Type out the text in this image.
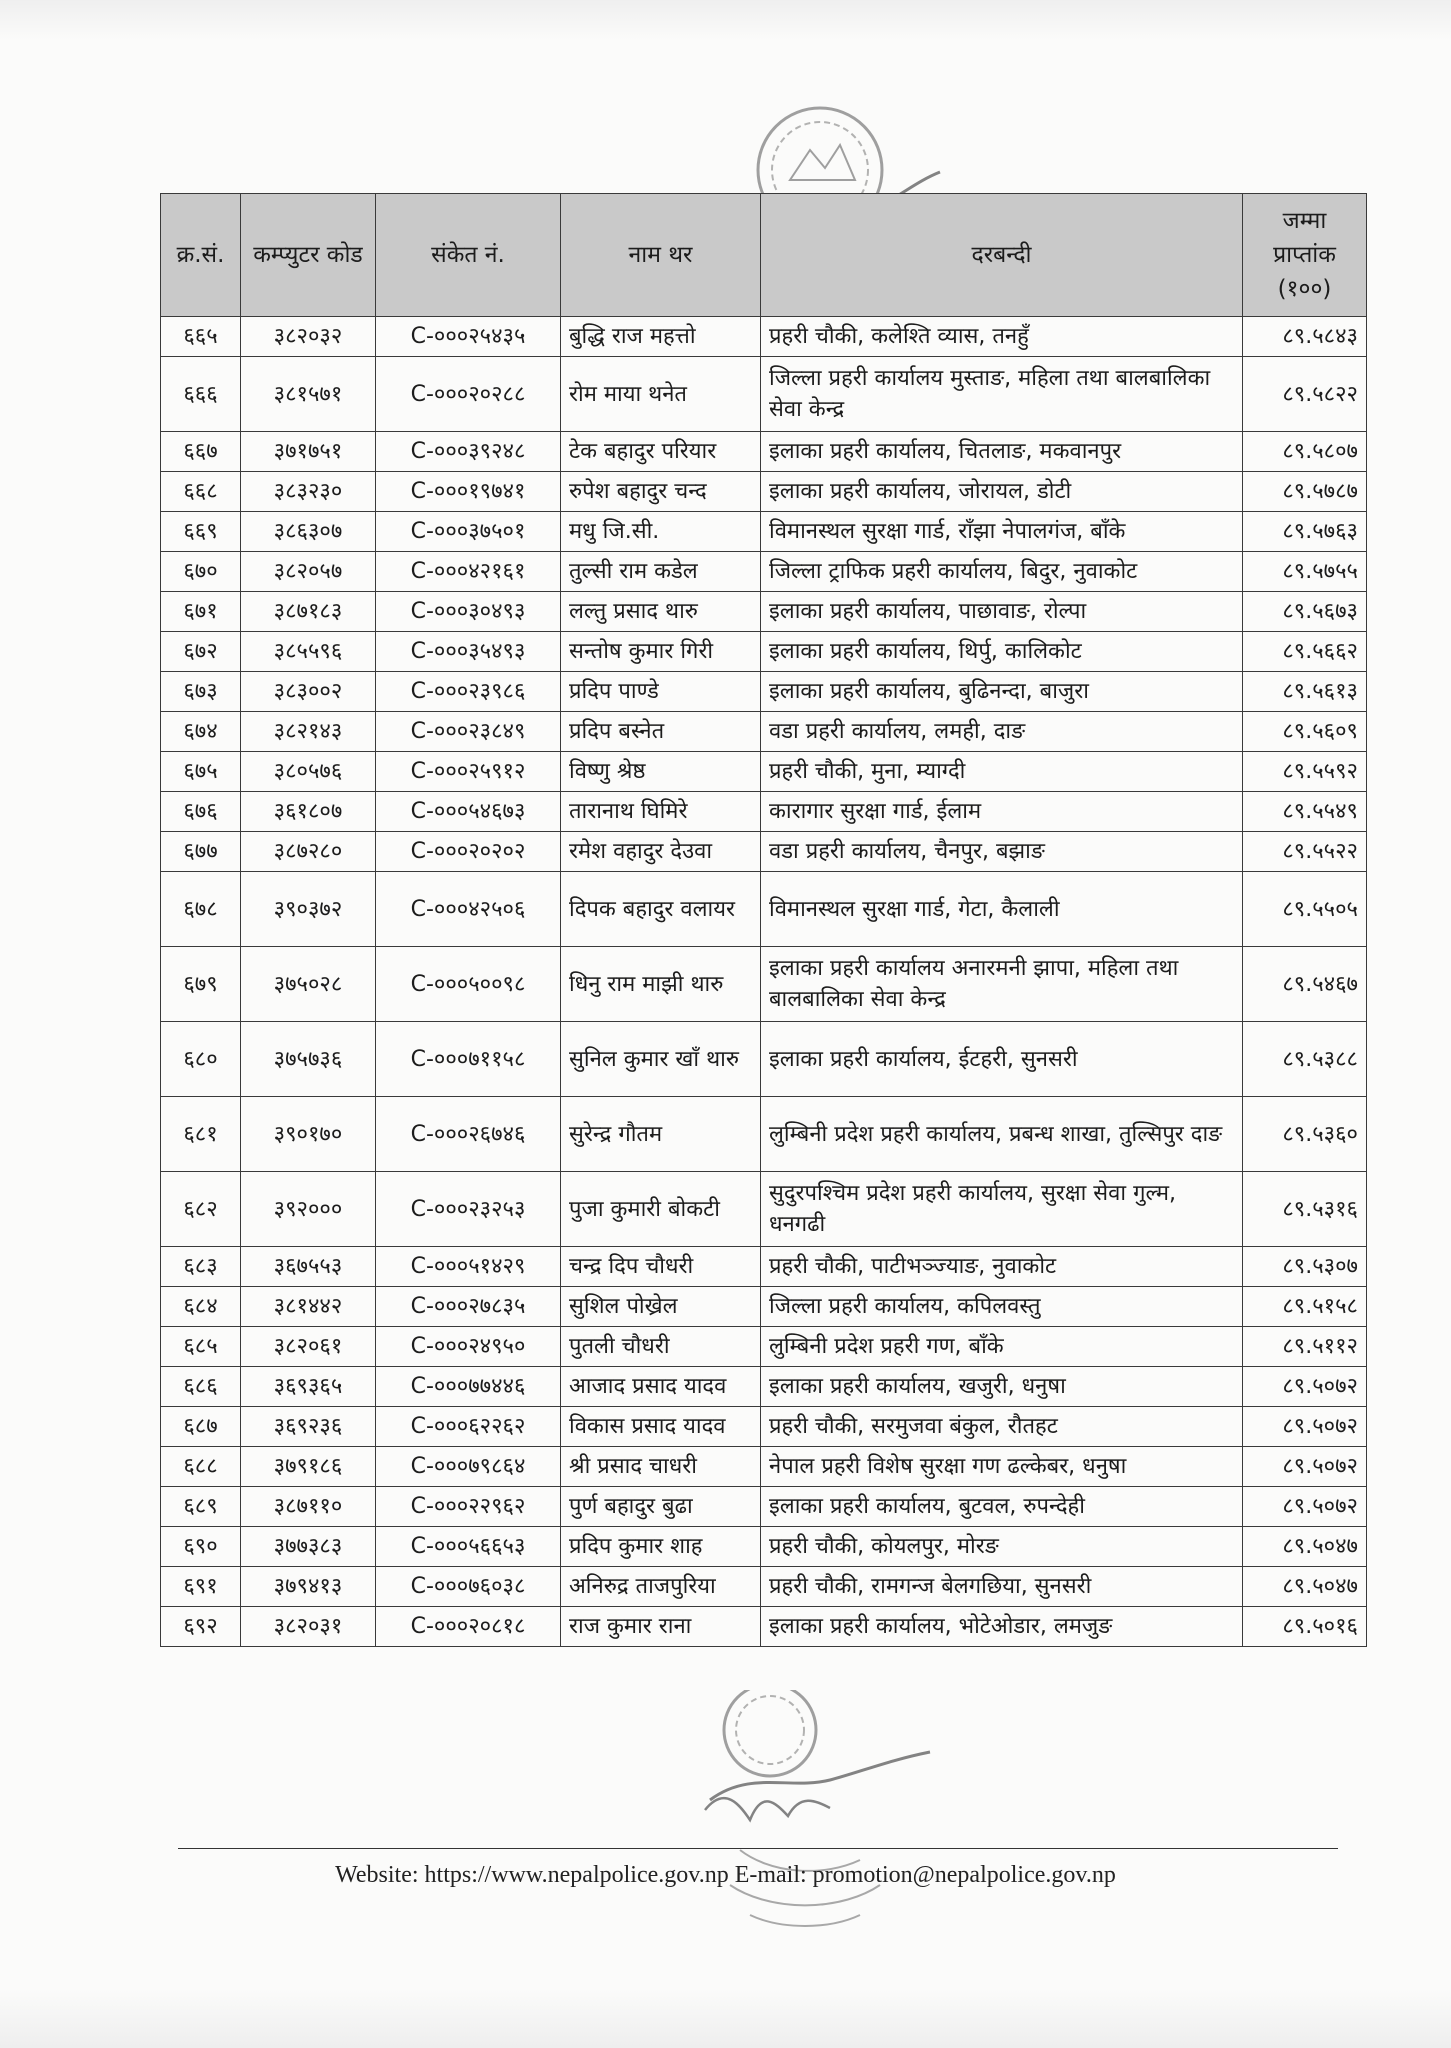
क्र.सं.	कम्प्युटर कोड	संकेत नं.	नाम थर	दरबन्दी	जम्मा प्राप्तांक (१००)
६६५	३८२०३२	C-०००२५४३५	बुद्धि राज महत्तो	प्रहरी चौकी, कलेश्ति व्यास, तनहुँ	८९.५८४३
६६६	३८१५७१	C-०००२०२८८	रोम माया थनेत	जिल्ला प्रहरी कार्यालय मुस्ताङ, महिला तथा बालबालिका सेवा केन्द्र	८९.५८२२
६६७	३७१७५१	C-०००३९२४८	टेक बहादुर परियार	इलाका प्रहरी कार्यालय, चितलाङ, मकवानपुर	८९.५८०७
६६८	३८३२३०	C-०००१९७४१	रुपेश बहादुर चन्द	इलाका प्रहरी कार्यालय, जोरायल, डोटी	८९.५७८७
६६९	३८६३०७	C-०००३७५०१	मधु जि.सी.	विमानस्थल सुरक्षा गार्ड, राँझा नेपालगंज, बाँके	८९.५७६३
६७०	३८२०५७	C-०००४२१६१	तुल्सी राम कडेल	जिल्ला ट्राफिक प्रहरी कार्यालय, बिदुर, नुवाकोट	८९.५७५५
६७१	३८७१८३	C-०००३०४९३	लल्तु प्रसाद थारु	इलाका प्रहरी कार्यालय, पाछावाङ, रोल्पा	८९.५६७३
६७२	३८५५९६	C-०००३५४९३	सन्तोष कुमार गिरी	इलाका प्रहरी कार्यालय, थिर्पु, कालिकोट	८९.५६६२
६७३	३८३००२	C-०००२३९८६	प्रदिप पाण्डे	इलाका प्रहरी कार्यालय, बुढिनन्दा, बाजुरा	८९.५६१३
६७४	३८२१४३	C-०००२३८४९	प्रदिप बस्नेत	वडा प्रहरी कार्यालय, लमही, दाङ	८९.५६०९
६७५	३८०५७६	C-०००२५९१२	विष्णु श्रेष्ठ	प्रहरी चौकी, मुना, म्याग्दी	८९.५५९२
६७६	३६१८०७	C-०००५४६७३	तारानाथ घिमिरे	कारागार सुरक्षा गार्ड, ईलाम	८९.५५४९
६७७	३८७२८०	C-०००२०२०२	रमेश वहादुर देउवा	वडा प्रहरी कार्यालय, चैनपुर, बझाङ	८९.५५२२
६७८	३९०३७२	C-०००४२५०६	दिपक बहादुर वलायर	विमानस्थल सुरक्षा गार्ड, गेटा, कैलाली	८९.५५०५
६७९	३७५०२८	C-०००५००९८	धिनु राम माझी थारु	इलाका प्रहरी कार्यालय अनारमनी झापा, महिला तथा बालबालिका सेवा केन्द्र	८९.५४६७
६८०	३७५७३६	C-०००७११५८	सुनिल कुमार खाँ थारु	इलाका प्रहरी कार्यालय, ईटहरी, सुनसरी	८९.५३८८
६८१	३९०१७०	C-०००२६७४६	सुरेन्द्र गौतम	लुम्बिनी प्रदेश प्रहरी कार्यालय, प्रबन्ध शाखा, तुल्सिपुर दाङ	८९.५३६०
६८२	३९२०००	C-०००२३२५३	पुजा कुमारी बोकटी	सुदुरपश्चिम प्रदेश प्रहरी कार्यालय, सुरक्षा सेवा गुल्म, धनगढी	८९.५३१६
६८३	३६७५५३	C-०००५१४२९	चन्द्र दिप चौधरी	प्रहरी चौकी, पाटीभञ्ज्याङ, नुवाकोट	८९.५३०७
६८४	३८१४४२	C-०००२७८३५	सुशिल पोख्रेल	जिल्ला प्रहरी कार्यालय, कपिलवस्तु	८९.५१५८
६८५	३८२०६१	C-०००२४९५०	पुतली चौधरी	लुम्बिनी प्रदेश प्रहरी गण, बाँके	८९.५११२
६८६	३६९३६५	C-०००७७४४६	आजाद प्रसाद यादव	इलाका प्रहरी कार्यालय, खजुरी, धनुषा	८९.५०७२
६८७	३६९२३६	C-०००६२२६२	विकास प्रसाद यादव	प्रहरी चौकी, सरमुजवा बंकुल, रौतहट	८९.५०७२
६८८	३७९१८६	C-०००७९८६४	श्री प्रसाद चाधरी	नेपाल प्रहरी विशेष सुरक्षा गण ढल्केबर, धनुषा	८९.५०७२
६८९	३८७११०	C-०००२२९६२	पुर्ण बहादुर बुढा	इलाका प्रहरी कार्यालय, बुटवल, रुपन्देही	८९.५०७२
६९०	३७७३८३	C-०००५६६५३	प्रदिप कुमार शाह	प्रहरी चौकी, कोयलपुर, मोरङ	८९.५०४७
६९१	३७९४१३	C-०००७६०३८	अनिरुद्र ताजपुरिया	प्रहरी चौकी, रामगन्ज बेलगछिया, सुनसरी	८९.५०४७
६९२	३८२०३१	C-०००२०८१८	राज कुमार राना	इलाका प्रहरी कार्यालय, भोटेओडार, लमजुङ	८९.५०१६
Website: https://www.nepalpolice.gov.np E-mail: promotion@nepalpolice.gov.np
